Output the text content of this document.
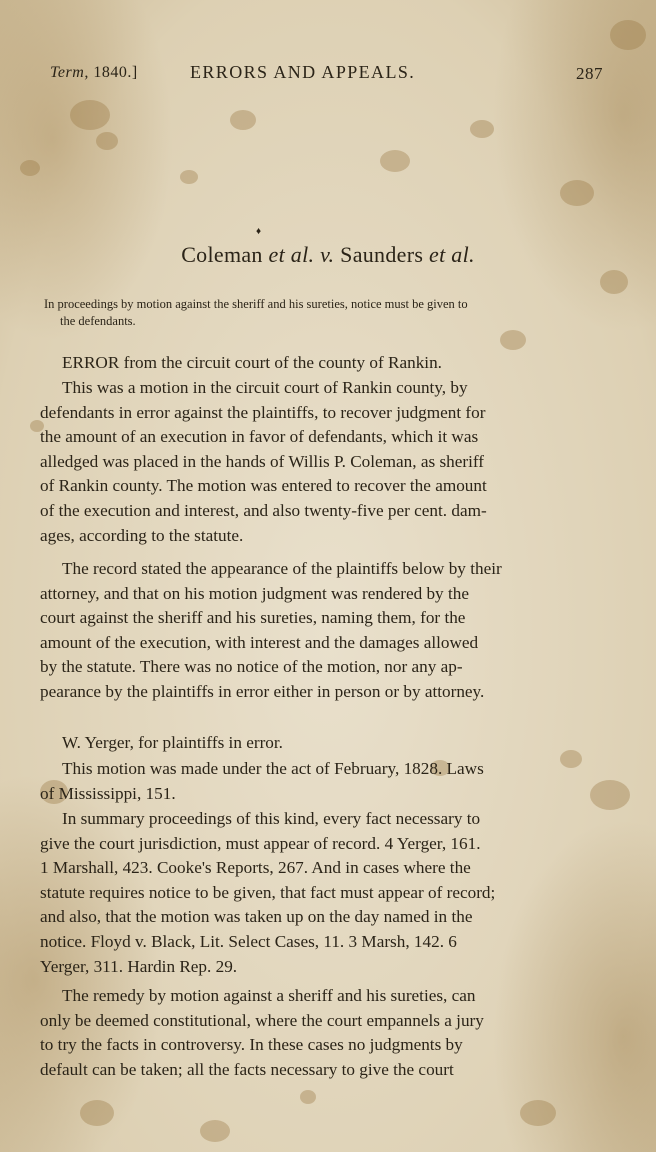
Term, 1840.]	ERRORS AND APPEALS.	287
♦
Coleman et al. v. Saunders et al.
In proceedings by motion against the sheriff and his sureties, notice must be given to
the defendants.
ERROR from the circuit court of the county of Rankin.
This was a motion in the circuit court of Rankin county, by
defendants in error against the plaintiffs, to recover judgment for
the amount of an execution in favor of defendants, which it was
alledged was placed in the hands of Willis P. Coleman, as sheriff
of Rankin county. The motion was entered to recover the amount
of the execution and interest, and also twenty-five per cent. dam-
ages, according to the statute.
The record stated the appearance of the plaintiffs below by their
attorney, and that on his motion judgment was rendered by the
court against the sheriff and his sureties, naming them, for the
amount of the execution, with interest and the damages allowed
by the statute. There was no notice of the motion, nor any ap-
pearance by the plaintiffs in error either in person or by attorney.
W. Yerger, for plaintiffs in error.
This motion was made under the act of February, 1828. Laws
of Mississippi, 151.
In summary proceedings of this kind, every fact necessary to
give the court jurisdiction, must appear of record. 4 Yerger, 161.
1 Marshall, 423. Cooke's Reports, 267. And in cases where the
statute requires notice to be given, that fact must appear of record;
and also, that the motion was taken up on the day named in the
notice. Floyd v. Black, Lit. Select Cases, 11. 3 Marsh, 142. 6
Yerger, 311. Hardin Rep. 29.
The remedy by motion against a sheriff and his sureties, can
only be deemed constitutional, where the court empannels a jury
to try the facts in controversy. In these cases no judgments by
default can be taken; all the facts necessary to give the court
